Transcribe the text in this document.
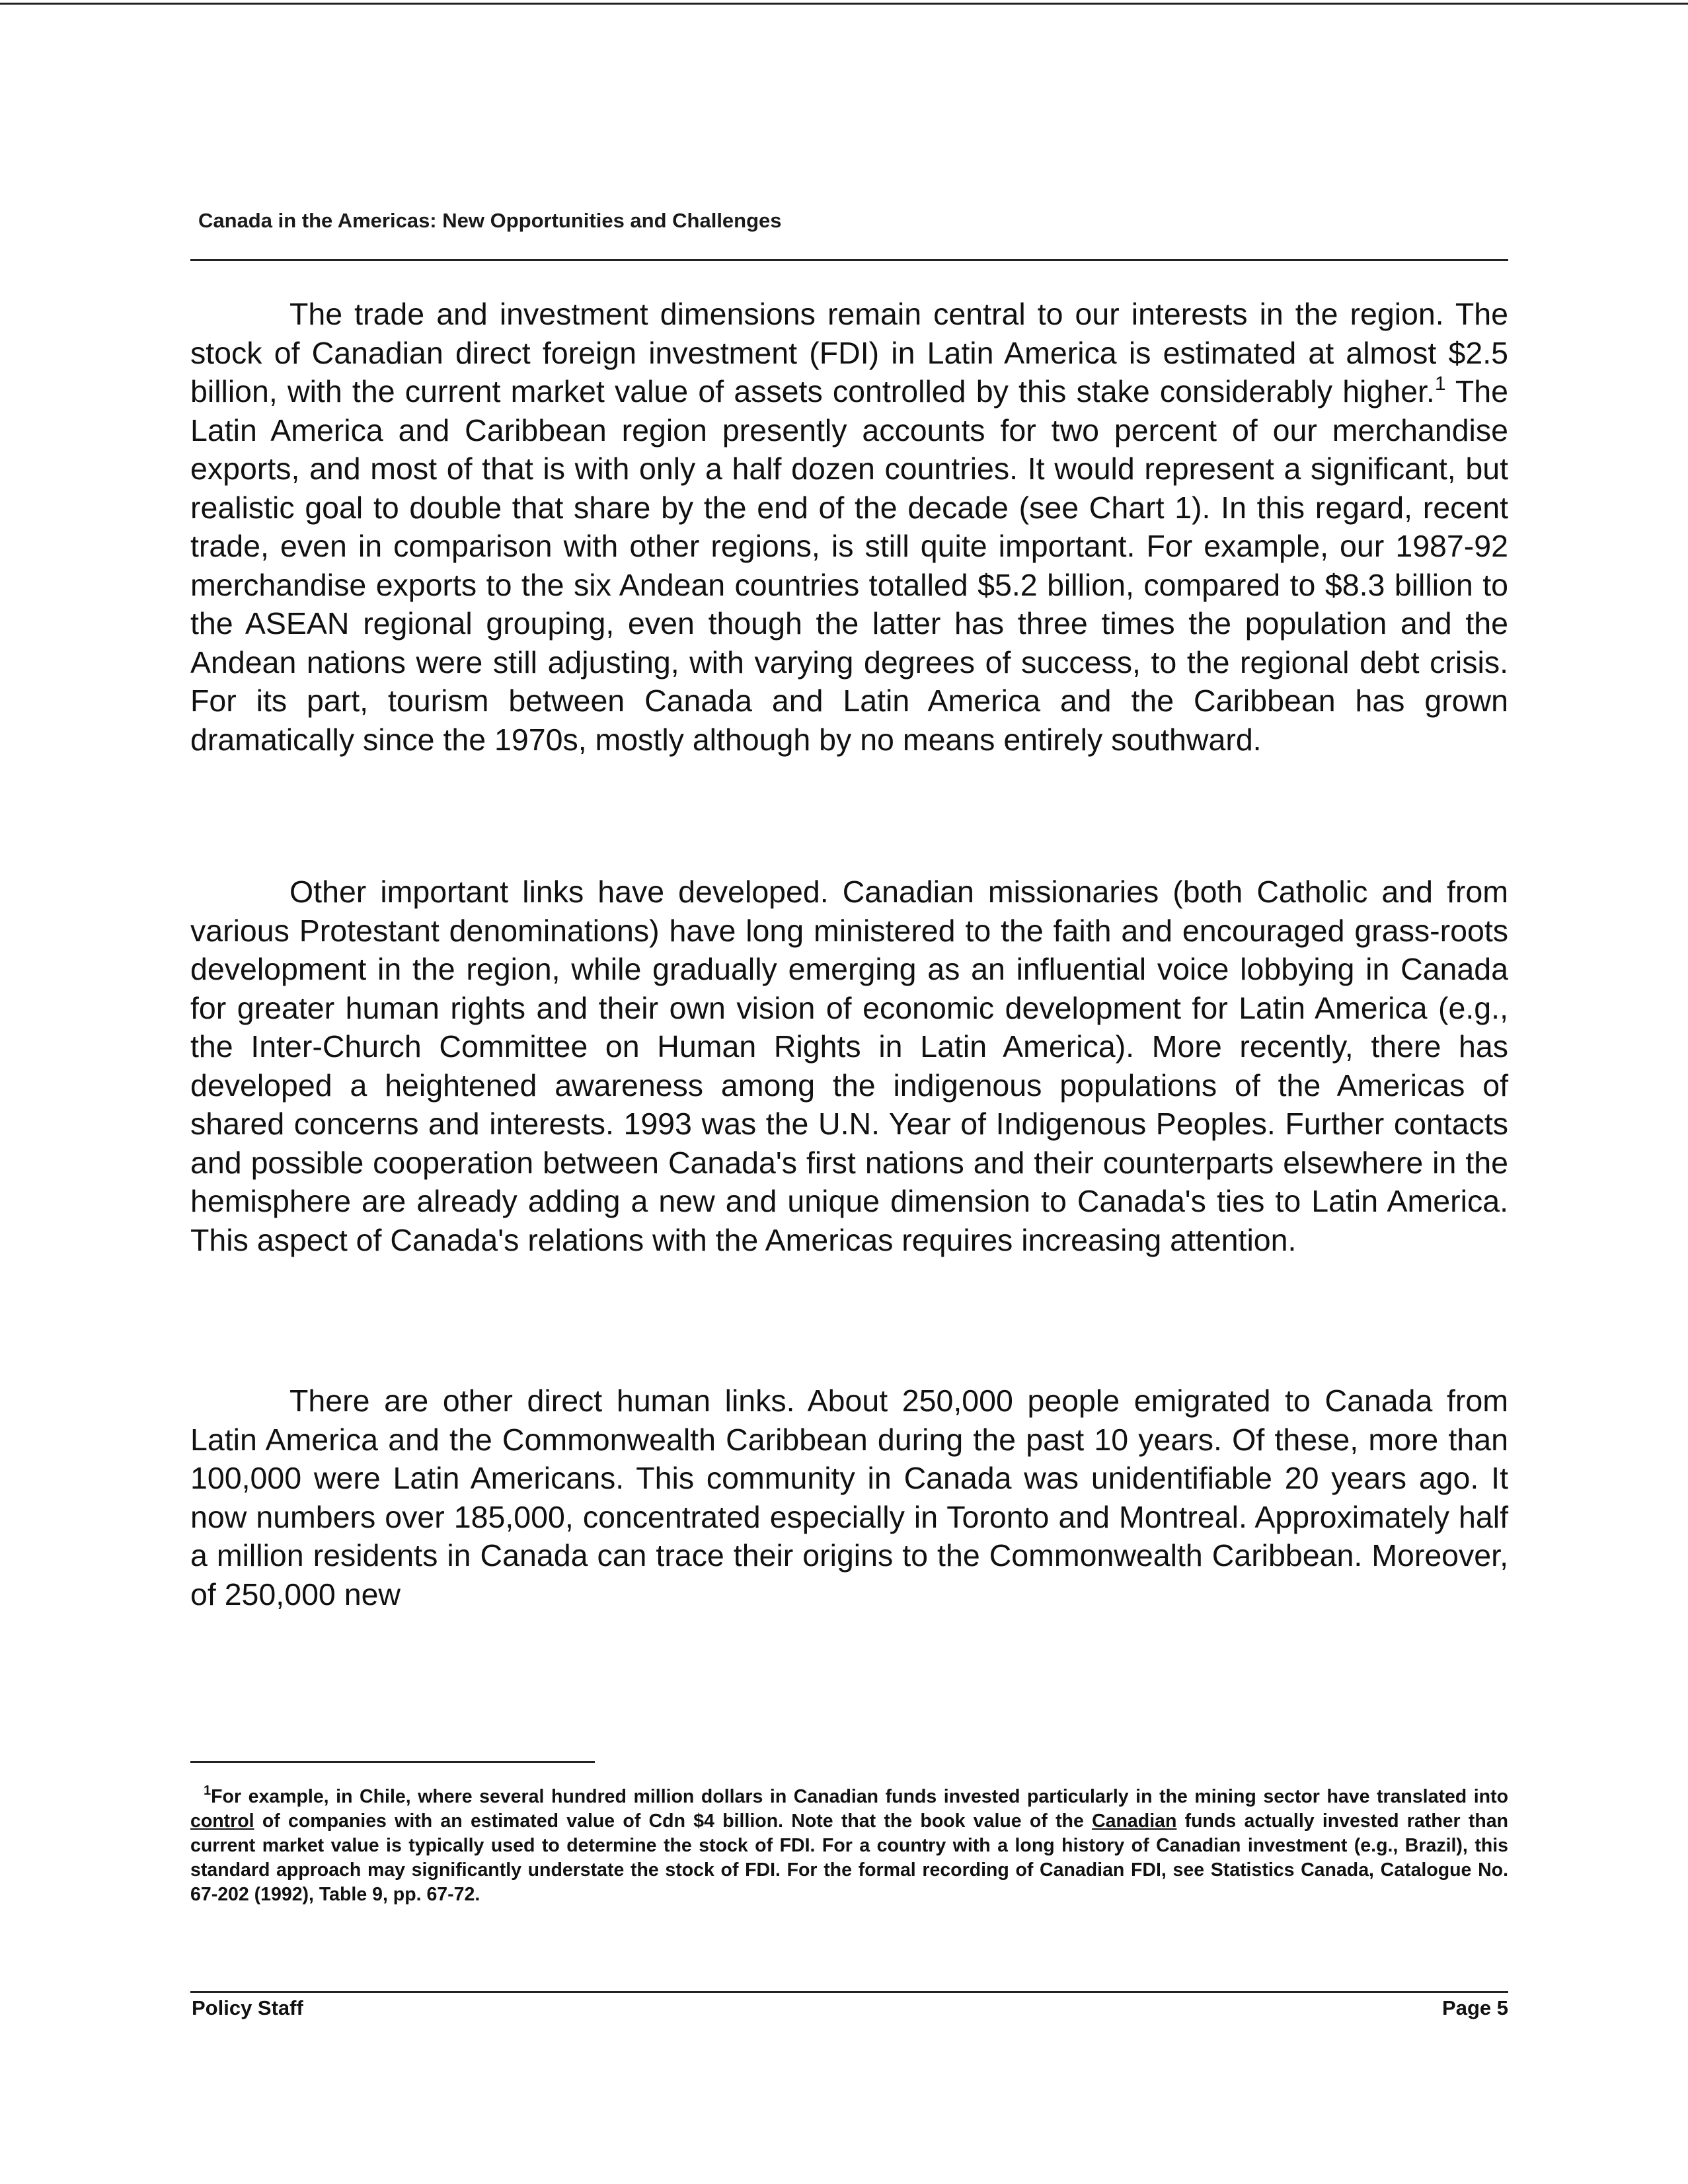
Canada in the Americas: New Opportunities and Challenges

The trade and investment dimensions remain central to our interests in the region. The stock of Canadian direct foreign investment (FDI) in Latin America is estimated at almost $2.5 billion, with the current market value of assets controlled by this stake considerably higher.$^1$ The Latin America and Caribbean region presently accounts for two percent of our merchandise exports, and most of that is with only a half dozen countries. It would represent a significant, but realistic goal to double that share by the end of the decade (see Chart 1). In this regard, recent trade, even in comparison with other regions, is still quite important. For example, our 1987-92 merchandise exports to the six Andean countries totalled $5.2 billion, compared to $8.3 billion to the ASEAN regional grouping, even though the latter has three times the population and the Andean nations were still adjusting, with varying degrees of success, to the regional debt crisis. For its part, tourism between Canada and Latin America and the Caribbean has grown dramatically since the 1970s, mostly although by no means entirely southward.

Other important links have developed. Canadian missionaries (both Catholic and from various Protestant denominations) have long ministered to the faith and encouraged grass-roots development in the region, while gradually emerging as an influential voice lobbying in Canada for greater human rights and their own vision of economic development for Latin America (e.g., the Inter-Church Committee on Human Rights in Latin America). More recently, there has developed a heightened awareness among the indigenous populations of the Americas of shared concerns and interests. 1993 was the U.N. Year of Indigenous Peoples. Further contacts and possible cooperation between Canada's first nations and their counterparts elsewhere in the hemisphere are already adding a new and unique dimension to Canada's ties to Latin America. This aspect of Canada's relations with the Americas requires increasing attention.

There are other direct human links. About 250,000 people emigrated to Canada from Latin America and the Commonwealth Caribbean during the past 10 years. Of these, more than 100,000 were Latin Americans. This community in Canada was unidentifiable 20 years ago. It now numbers over 185,000, concentrated especially in Toronto and Montreal. Approximately half a million residents in Canada can trace their origins to the Commonwealth Caribbean. Moreover, of 250,000 new

$^1$For example, in Chile, where several hundred million dollars in Canadian funds invested particularly in the mining sector have translated into control of companies with an estimated value of Cdn $4 billion. Note that the book value of the Canadian funds actually invested rather than current market value is typically used to determine the stock of FDI. For a country with a long history of Canadian investment (e.g., Brazil), this standard approach may significantly understate the stock of FDI. For the formal recording of Canadian FDI, see Statistics Canada, Catalogue No. 67-202 (1992), Table 9, pp. 67-72.

Policy Staff	Page 5
